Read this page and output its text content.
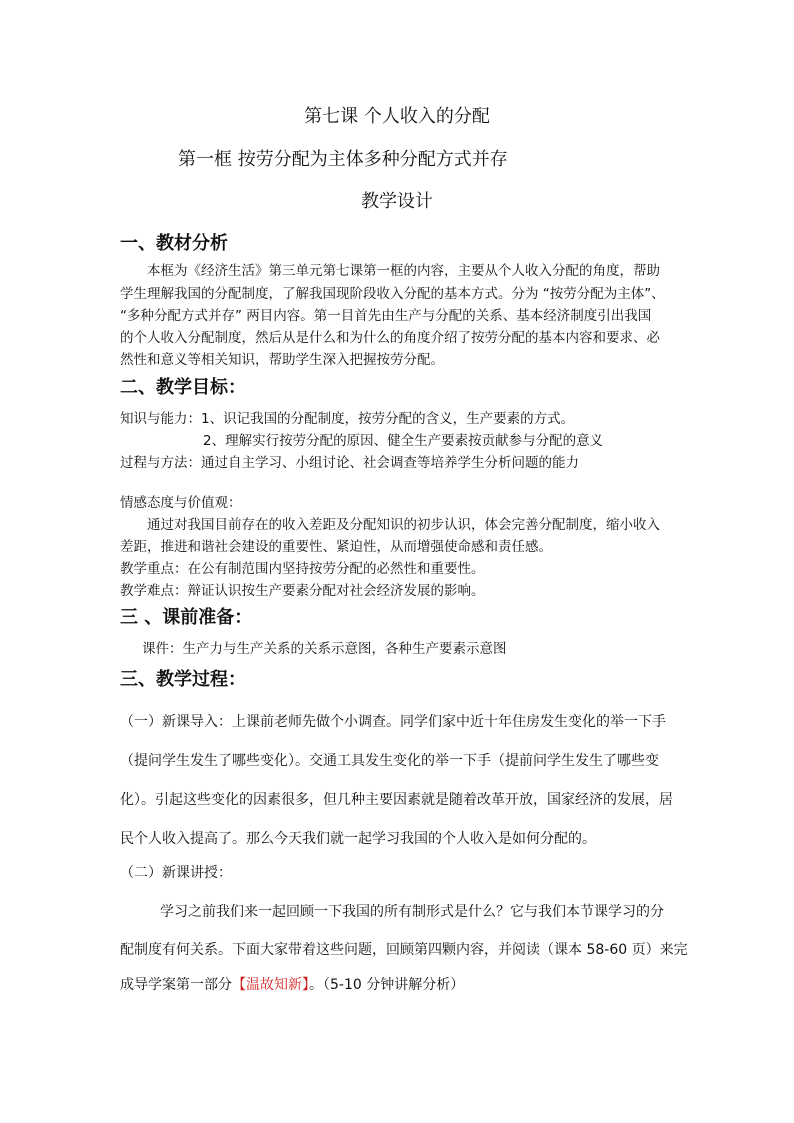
第七课 个人收入的分配
第一框 按劳分配为主体多种分配方式并存
教学设计
一、教材分析
本框为《经济生活》第三单元第七课第一框的内容，主要从个人收入分配的角度，帮助
学生理解我国的分配制度，了解我国现阶段收入分配的基本方式。分为 “按劳分配为主体”、
“多种分配方式并存” 两目内容。第一目首先由生产与分配的关系、基本经济制度引出我国
的个人收入分配制度，然后从是什么和为什么的角度介绍了按劳分配的基本内容和要求、必
然性和意义等相关知识，帮助学生深入把握按劳分配。
二、教学目标：
知识与能力：1、识记我国的分配制度，按劳分配的含义，生产要素的方式。
2、理解实行按劳分配的原因、健全生产要素按贡献参与分配的意义
过程与方法：通过自主学习、小组讨论、社会调查等培养学生分析问题的能力
情感态度与价值观：
通过对我国目前存在的收入差距及分配知识的初步认识，体会完善分配制度，缩小收入
差距，推进和谐社会建设的重要性、紧迫性，从而增强使命感和责任感。
教学重点：在公有制范围内坚持按劳分配的必然性和重要性。
教学难点：辩证认识按生产要素分配对社会经济发展的影响。
三 、课前准备：
课件：生产力与生产关系的关系示意图，各种生产要素示意图
三、教学过程：
（一）新课导入：上课前老师先做个小调查。同学们家中近十年住房发生变化的举一下手
（提问学生发生了哪些变化）。交通工具发生变化的举一下手（提前问学生发生了哪些变
化）。引起这些变化的因素很多，但几种主要因素就是随着改革开放，国家经济的发展，居
民个人收入提高了。那么今天我们就一起学习我国的个人收入是如何分配的。
（二）新课讲授：
学习之前我们来一起回顾一下我国的所有制形式是什么？它与我们本节课学习的分
配制度有何关系。下面大家带着这些问题，回顾第四颗内容，并阅读（课本 58-60 页）来完
成导学案第一部分【温故知新】。（5-10 分钟讲解分析）
